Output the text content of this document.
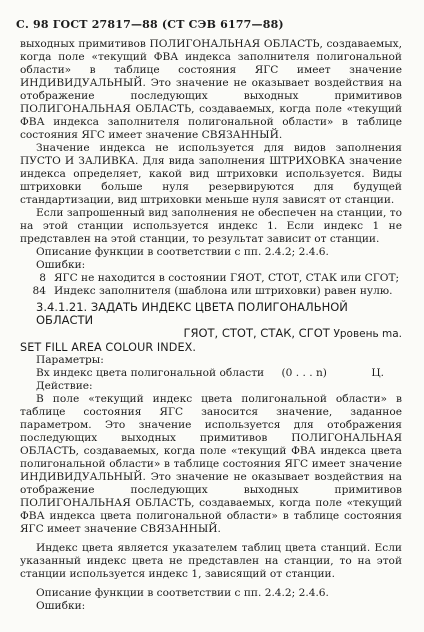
С. 98 ГОСТ 27817—88 (СТ СЭВ 6177—88)

выходных примитивов ПОЛИГОНАЛЬНАЯ ОБЛАСТЬ, создаваемых, когда поле «текущий ФВА индекса заполнителя полигональной области» в таблице состояния ЯГС имеет значение ИНДИВИДУАЛЬНЫЙ. Это значение не оказывает воздействия на отображение последующих выходных примитивов ПОЛИГОНАЛЬНАЯ ОБЛАСТЬ, создаваемых, когда поле «текущий ФВА индекса заполнителя полигональной области» в таблице состояния ЯГС имеет значение СВЯЗАННЫЙ.

Значение индекса не используется для видов заполнения ПУСТО И ЗАЛИВКА. Для вида заполнения ШТРИХОВКА значение индекса определяет, какой вид штриховки используется. Виды штриховки больше нуля резервируются для будущей стандартизации, вид штриховки меньше нуля зависят от станции.

Если запрошенный вид заполнения не обеспечен на станции, то на этой станции используется индекс 1. Если индекс 1 не представлен на этой станции, то результат зависит от станции.

Описание функции в соответствии с пп. 2.4.2; 2.4.6.

Ошибки:

8 ЯГС не находится в состоянии ГЯОТ, СТОТ, СТАК или СГОТ;
84 Индекс заполнителя (шаблона или штриховки) равен нулю.

3.4.1.21. ЗАДАТЬ ИНДЕКС ЦВЕТА ПОЛИГОНАЛЬНОЙ ОБЛАСТИ

ГЯОТ, СТОТ, СТАК, СГОТ Уровень ma.

SET FILL AREA COLOUR INDEX.

Параметры:

Вх индекс цвета полигональной области (0 . . . n)	Ц.

Действие:

В поле «текущий индекс цвета полигональной области» в таблице состояния ЯГС заносится значение, заданное параметром. Это значение используется для отображения последующих выходных примитивов ПОЛИГОНАЛЬНАЯ ОБЛАСТЬ, создаваемых, когда поле «текущий ФВА индекса цвета полигональной области» в таблице состояния ЯГС имеет значение ИНДИВИДУАЛЬНЫЙ. Это значение не оказывает воздействия на отображение последующих выходных примитивов ПОЛИГОНАЛЬНАЯ ОБЛАСТЬ, создаваемых, когда поле «текущий ФВА индекса цвета полигональной области» в таблице состояния ЯГС имеет значение СВЯЗАННЫЙ.

Индекс цвета является указателем таблиц цвета станций. Если указанный индекс цвета не представлен на станции, то на этой станции используется индекс 1, зависящий от станции.

Описание функции в соответствии с пп. 2.4.2; 2.4.6.

Ошибки:
